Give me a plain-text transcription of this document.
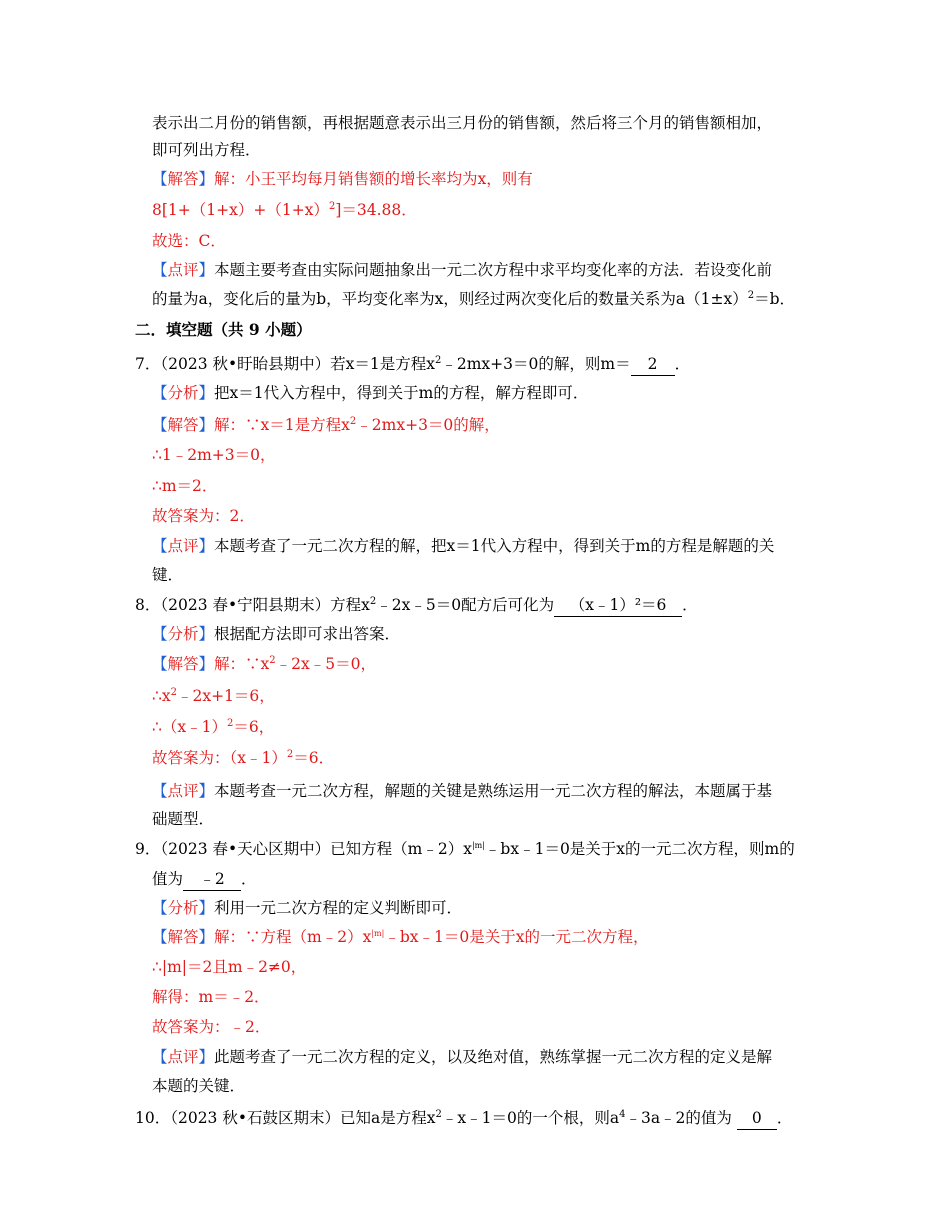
表示出二月份的销售额，再根据题意表示出三月份的销售额，然后将三个月的销售额相加，
即可列出方程．
【解答】解：小王平均每月销售额的增长率均为x，则有
$8[1+(1+x)+(1+x)^2]=34.88$．
故选：C．
【点评】本题主要考查由实际问题抽象出一元二次方程中求平均变化率的方法．若设变化前
的量为a，变化后的量为b，平均变化率为x，则经过两次变化后的数量关系为$a(1\pm x)^2=b$．
二．填空题（共 9 小题）
7．（2023 秋•盱眙县期中）若x＝1是方程$x^2﹣2mx+3=0$的解，则m＝2．
【分析】把x＝1代入方程中，得到关于m的方程，解方程即可．
【解答】解：∵x＝1是方程$x^2﹣2mx+3=0$的解，
∴1﹣2m+3＝0，
∴m＝2．
故答案为：2．
【点评】本题考查了一元二次方程的解，把x＝1代入方程中，得到关于m的方程是解题的关
键．
8．（2023 春•宁阳县期末）方程$x^2﹣2x﹣5=0$配方后可化为 （x﹣1）²＝6 ．
【分析】根据配方法即可求出答案．
【解答】解：$\because x^2﹣2x﹣5=0$，
$\therefore x^2﹣2x+1=6$，
∴（x﹣1）$^2$＝6，
故答案为：（x﹣1）$^2$＝6．
【点评】本题考查一元二次方程，解题的关键是熟练运用一元二次方程的解法，本题属于基
础题型．
9．（2023 春•天心区期中）已知方程$(m﹣2)x^{|m|}﹣bx﹣1=0$是关于x的一元二次方程，则m的
值为 ﹣2 ．
【分析】利用一元二次方程的定义判断即可．
【解答】解：∵方程$(m﹣2)x^{|m|}﹣bx﹣1=0$是关于x的一元二次方程，
∴|m|＝2且m﹣2≠0，
解得：m＝﹣2．
故答案为：﹣2．
【点评】此题考查了一元二次方程的定义，以及绝对值，熟练掌握一元二次方程的定义是解
本题的关键．
10．（2023 秋•石鼓区期末）已知a是方程$x^2﹣x﹣1=0$的一个根，则$a^4﹣3a﹣2$的值为 0 ．
